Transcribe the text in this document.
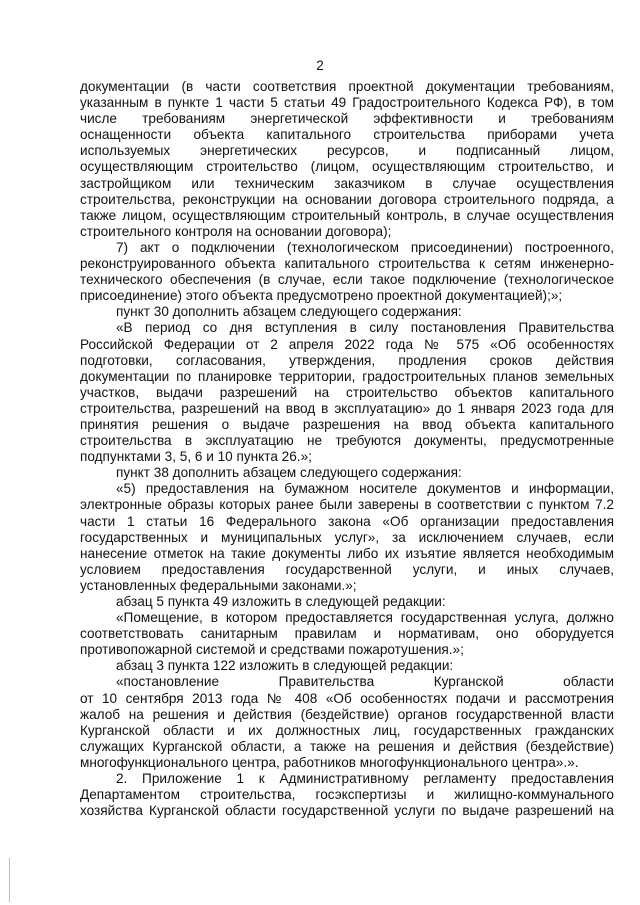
2
документации (в части соответствия проектной документации требованиям,
указанным в пункте 1 части 5 статьи 49 Градостроительного Кодекса РФ), в том
числе требованиям энергетической эффективности и требованиям
оснащенности объекта капитального строительства приборами учета
используемых энергетических ресурсов, и подписанный лицом,
осуществляющим строительство (лицом, осуществляющим строительство, и
застройщиком или техническим заказчиком в случае осуществления
строительства, реконструкции на основании договора строительного подряда, а
также лицом, осуществляющим строительный контроль, в случае осуществления
строительного контроля на основании договора);
7) акт о подключении (технологическом присоединении) построенного,
реконструированного объекта капитального строительства к сетям инженерно-
технического обеспечения (в случае, если такое подключение (технологическое
присоединение) этого объекта предусмотрено проектной документацией);»;
пункт 30 дополнить абзацем следующего содержания:
«В период со дня вступления в силу постановления Правительства
Российской Федерации от 2 апреля 2022 года № 575 «Об особенностях
подготовки, согласования, утверждения, продления сроков действия
документации по планировке территории, градостроительных планов земельных
участков, выдачи разрешений на строительство объектов капитального
строительства, разрешений на ввод в эксплуатацию» до 1 января 2023 года для
принятия решения о выдаче разрешения на ввод объекта капитального
строительства в эксплуатацию не требуются документы, предусмотренные
подпунктами 3, 5, 6 и 10 пункта 26.»;
пункт 38 дополнить абзацем следующего содержания:
«5) предоставления на бумажном носителе документов и информации,
электронные образы которых ранее были заверены в соответствии с пунктом 7.2
части 1 статьи 16 Федерального закона «Об организации предоставления
государственных и муниципальных услуг», за исключением случаев, если
нанесение отметок на такие документы либо их изъятие является необходимым
условием предоставления государственной услуги, и иных случаев,
установленных федеральными законами.»;
абзац 5 пункта 49 изложить в следующей редакции:
«Помещение, в котором предоставляется государственная услуга, должно
соответствовать санитарным правилам и нормативам, оно оборудуется
противопожарной системой и средствами пожаротушения.»;
абзац 3 пункта 122 изложить в следующей редакции:
«постановление Правительства Курганской области
от 10 сентября 2013 года № 408 «Об особенностях подачи и рассмотрения
жалоб на решения и действия (бездействие) органов государственной власти
Курганской области и их должностных лиц, государственных гражданских
служащих Курганской области, а также на решения и действия (бездействие)
многофункционального центра, работников многофункционального центра».».
2. Приложение 1 к Административному регламенту предоставления
Департаментом строительства, госэкспертизы и жилищно-коммунального
хозяйства Курганской области государственной услуги по выдаче разрешений на
